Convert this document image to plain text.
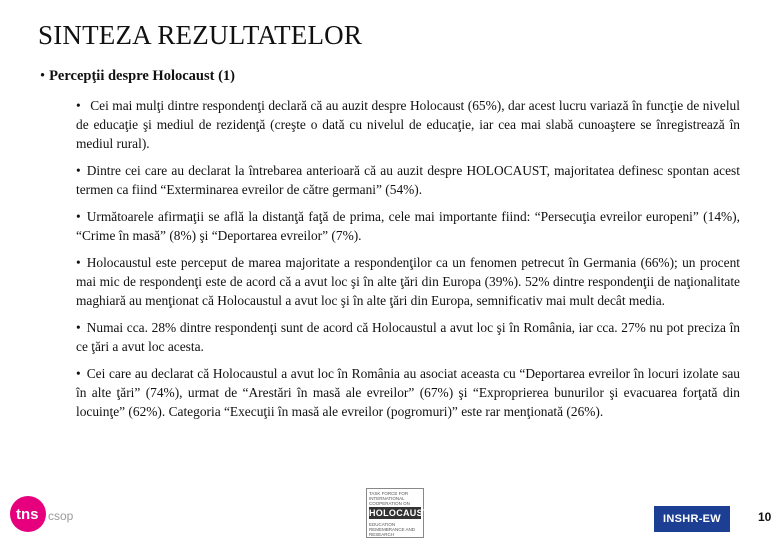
SINTEZA REZULTATELOR
• Percepţii despre Holocaust (1)

• Cei mai mulţi dintre respondenţi declară că au auzit despre Holocaust (65%), dar acest lucru variază în funcţie de nivelul de educaţie şi mediul de rezidenţă (creşte o dată cu nivelul de educaţie, iar cea mai slabă cunoaştere se înregistrează în mediul rural).

• Dintre cei care au declarat la întrebarea anterioară că au auzit despre HOLOCAUST, majoritatea definesc spontan acest termen ca fiind “Exterminarea evreilor de către germani” (54%).

• Următoarele afirmaţii se află la distanţă faţă de prima, cele mai importante fiind: “Persecuţia evreilor europeni” (14%), “Crime în masă” (8%) şi “Deportarea evreilor” (7%).

• Holocaustul este perceput de marea majoritate a respondenţilor ca un fenomen petrecut în Germania (66%); un procent mai mic de respondenţi este de acord că a avut loc şi în alte ţări din Europa (39%). 52% dintre respondenţii de naţionalitate maghiară au menţionat că Holocaustul a avut loc şi în alte ţări din Europa, semnificativ mai mult decât media.

• Numai cca. 28% dintre respondenţi sunt de acord că Holocaustul a avut loc şi în România, iar cca. 27% nu pot preciza în ce ţări a avut loc acesta.

• Cei care au declarat că Holocaustul a avut loc în România au asociat aceasta cu “Deportarea evreilor în locuri izolate sau în alte ţări” (74%), urmat de “Arestări în masă ale evreilor” (67%) şi “Exproprierea bunurilor şi evacuarea forţată din locuinţe” (62%). Categoria “Execuţii în masă ale evreilor (pogromuri)” este rar menţionată (26%).

tns csop
TASK FORCE FOR INTERNATIONAL COOPERATION ON
HOLOCAUST
EDUCATION REMEMBRANCE AND RESEARCH
INSHR-EW	10
